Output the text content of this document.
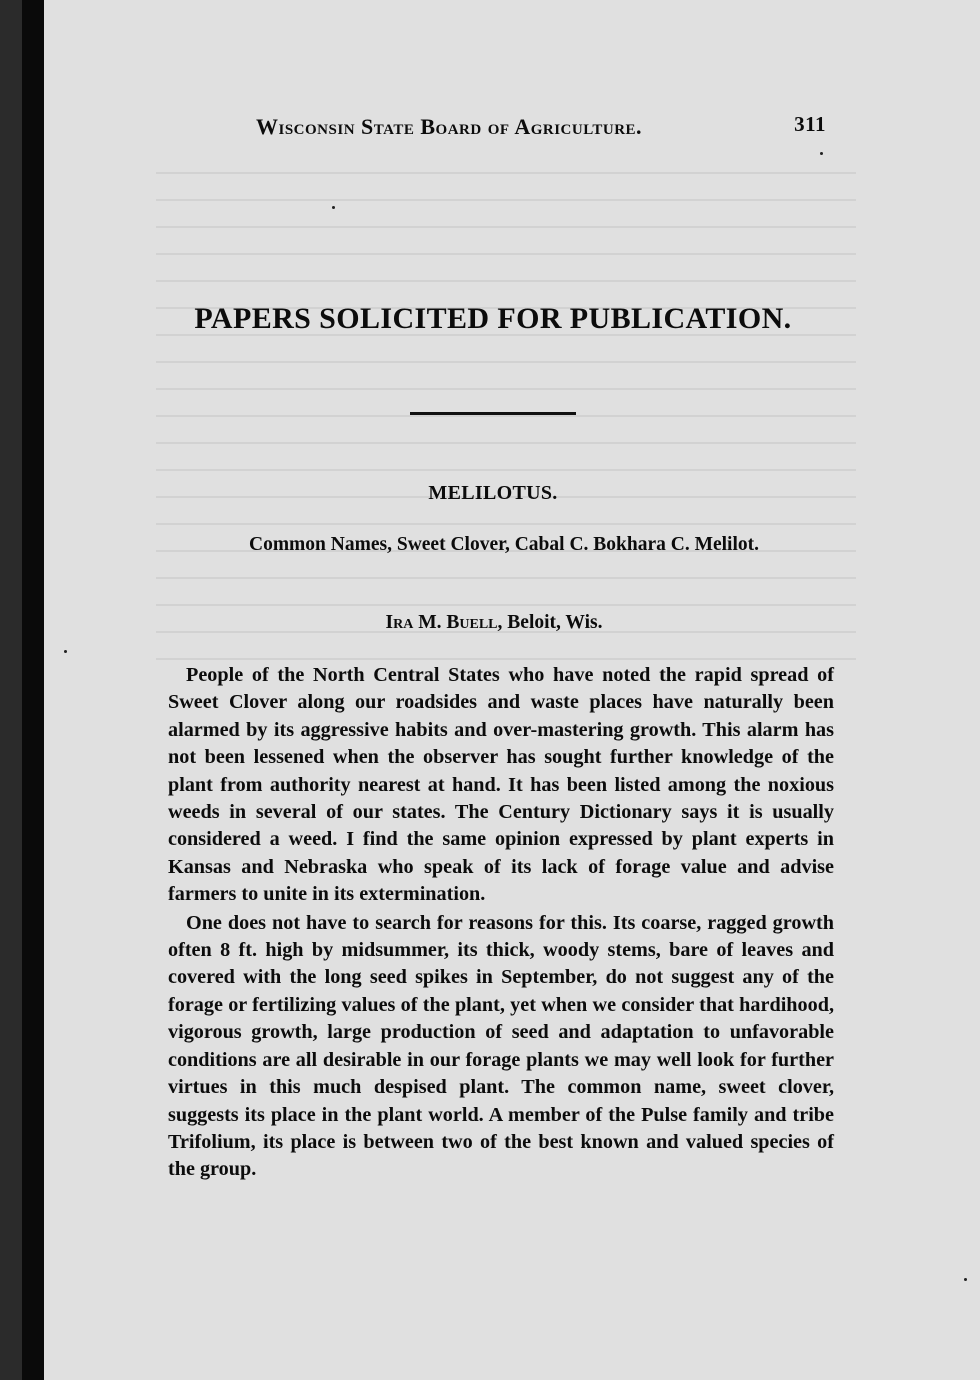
Wisconsin State Board of Agriculture.	311
PAPERS SOLICITED FOR PUBLICATION.
MELILOTUS.
Common Names, Sweet Clover, Cabal C. Bokhara C. Melilot.
Ira M. Buell, Beloit, Wis.

People of the North Central States who have noted the rapid spread of Sweet Clover along our roadsides and waste places have naturally been alarmed by its aggressive habits and over-mastering growth. This alarm has not been lessened when the observer has sought further knowledge of the plant from authority nearest at hand. It has been listed among the noxious weeds in several of our states. The Century Dictionary says it is usually considered a weed. I find the same opinion expressed by plant experts in Kansas and Nebraska who speak of its lack of forage value and advise farmers to unite in its extermination.

One does not have to search for reasons for this. Its coarse, ragged growth often 8 ft. high by midsummer, its thick, woody stems, bare of leaves and covered with the long seed spikes in September, do not suggest any of the forage or fertilizing values of the plant, yet when we consider that hardihood, vigorous growth, large production of seed and adaptation to unfavorable conditions are all desirable in our forage plants we may well look for further virtues in this much despised plant. The common name, sweet clover, suggests its place in the plant world. A member of the Pulse family and tribe Trifolium, its place is between two of the best known and valued species of the group.
